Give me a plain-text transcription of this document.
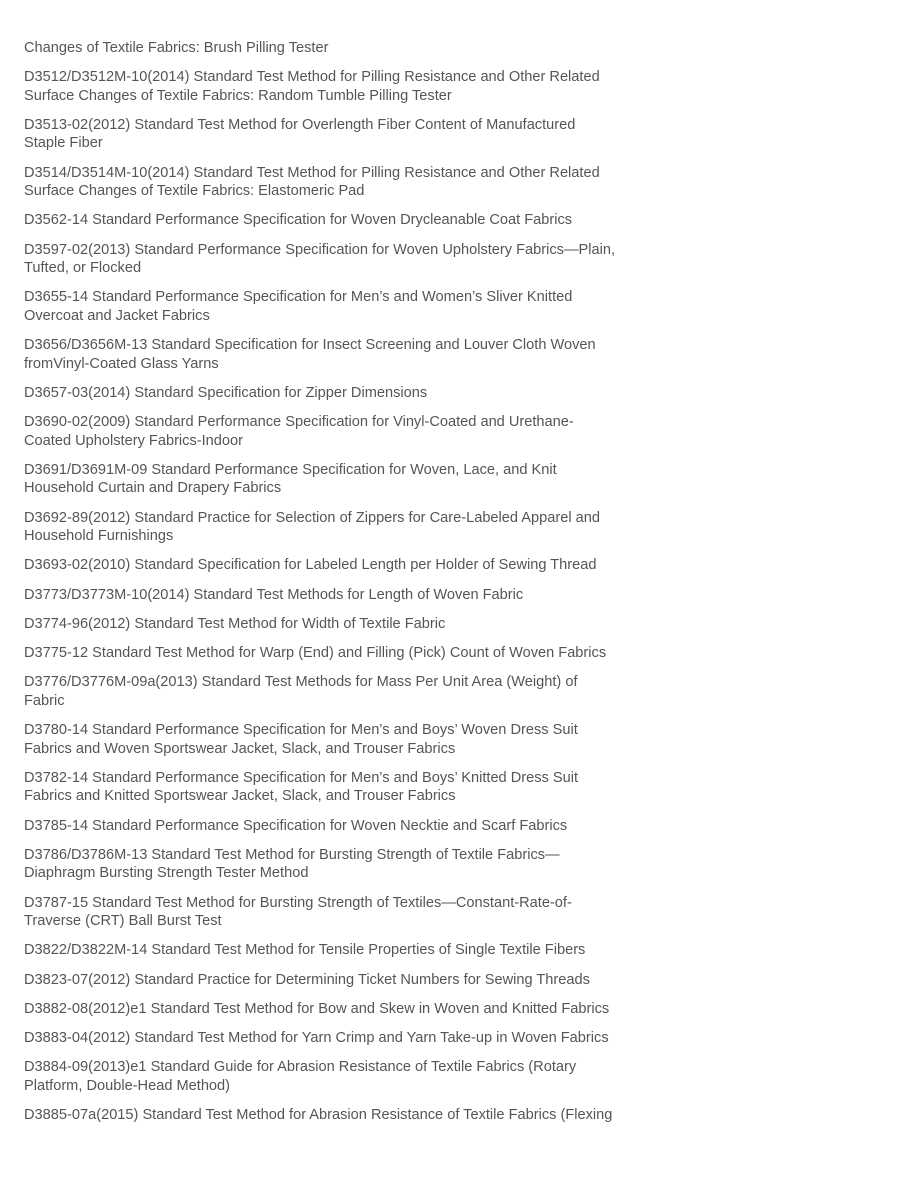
Changes of Textile Fabrics: Brush Pilling Tester
D3512/D3512M-10(2014) Standard Test Method for Pilling Resistance and Other Related
Surface Changes of Textile Fabrics: Random Tumble Pilling Tester
D3513-02(2012) Standard Test Method for Overlength Fiber Content of Manufactured
Staple Fiber
D3514/D3514M-10(2014) Standard Test Method for Pilling Resistance and Other Related
Surface Changes of Textile Fabrics: Elastomeric Pad
D3562-14 Standard Performance Specification for Woven Drycleanable Coat Fabrics
D3597-02(2013) Standard Performance Specification for Woven Upholstery Fabrics—Plain,
Tufted, or Flocked
D3655-14 Standard Performance Specification for Men’s and Women’s Sliver Knitted
Overcoat and Jacket Fabrics
D3656/D3656M-13 Standard Specification for Insect Screening and Louver Cloth Woven
fromVinyl-Coated Glass Yarns
D3657-03(2014) Standard Specification for Zipper Dimensions
D3690-02(2009) Standard Performance Specification for Vinyl-Coated and Urethane-
Coated Upholstery Fabrics-Indoor
D3691/D3691M-09 Standard Performance Specification for Woven, Lace, and Knit
Household Curtain and Drapery Fabrics
D3692-89(2012) Standard Practice for Selection of Zippers for Care-Labeled Apparel and
Household Furnishings
D3693-02(2010) Standard Specification for Labeled Length per Holder of Sewing Thread
D3773/D3773M-10(2014) Standard Test Methods for Length of Woven Fabric
D3774-96(2012) Standard Test Method for Width of Textile Fabric
D3775-12 Standard Test Method for Warp (End) and Filling (Pick) Count of Woven Fabrics
D3776/D3776M-09a(2013) Standard Test Methods for Mass Per Unit Area (Weight) of
Fabric
D3780-14 Standard Performance Specification for Men’s and Boys’ Woven Dress Suit
Fabrics and Woven Sportswear Jacket, Slack, and Trouser Fabrics
D3782-14 Standard Performance Specification for Men’s and Boys’ Knitted Dress Suit
Fabrics and Knitted Sportswear Jacket, Slack, and Trouser Fabrics
D3785-14 Standard Performance Specification for Woven Necktie and Scarf Fabrics
D3786/D3786M-13 Standard Test Method for Bursting Strength of Textile Fabrics—
Diaphragm Bursting Strength Tester Method
D3787-15 Standard Test Method for Bursting Strength of Textiles—Constant-Rate-of-
Traverse (CRT) Ball Burst Test
D3822/D3822M-14 Standard Test Method for Tensile Properties of Single Textile Fibers
D3823-07(2012) Standard Practice for Determining Ticket Numbers for Sewing Threads
D3882-08(2012)e1 Standard Test Method for Bow and Skew in Woven and Knitted Fabrics
D3883-04(2012) Standard Test Method for Yarn Crimp and Yarn Take-up in Woven Fabrics
D3884-09(2013)e1 Standard Guide for Abrasion Resistance of Textile Fabrics (Rotary
Platform, Double-Head Method)
D3885-07a(2015) Standard Test Method for Abrasion Resistance of Textile Fabrics (Flexing
